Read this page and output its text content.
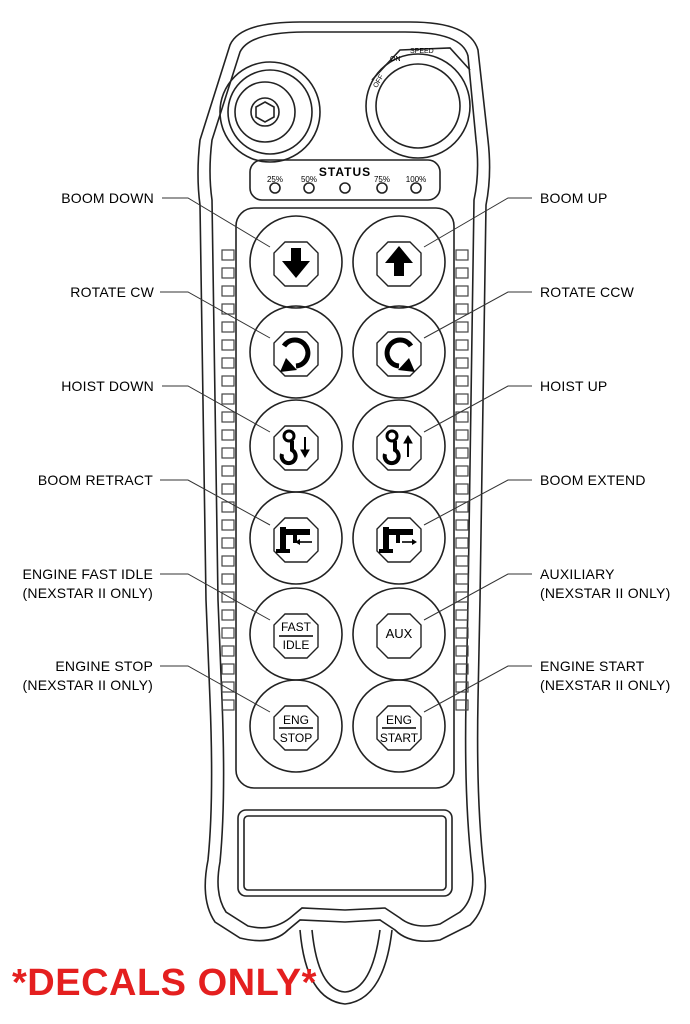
STATUS
25%	50%	75%	100%
OFF
ON
SPEED
BOOM DOWN
ROTATE CW
HOIST DOWN
BOOM RETRACT
ENGINE FAST IDLE
(NEXSTAR II ONLY)
ENGINE STOP
(NEXSTAR II ONLY)
BOOM UP
ROTATE CCW
HOIST UP
BOOM EXTEND
AUXILIARY
(NEXSTAR II ONLY)
ENGINE START
(NEXSTAR II ONLY)
FAST
IDLE
AUX
ENG
STOP
ENG
START
*DECALS ONLY*
